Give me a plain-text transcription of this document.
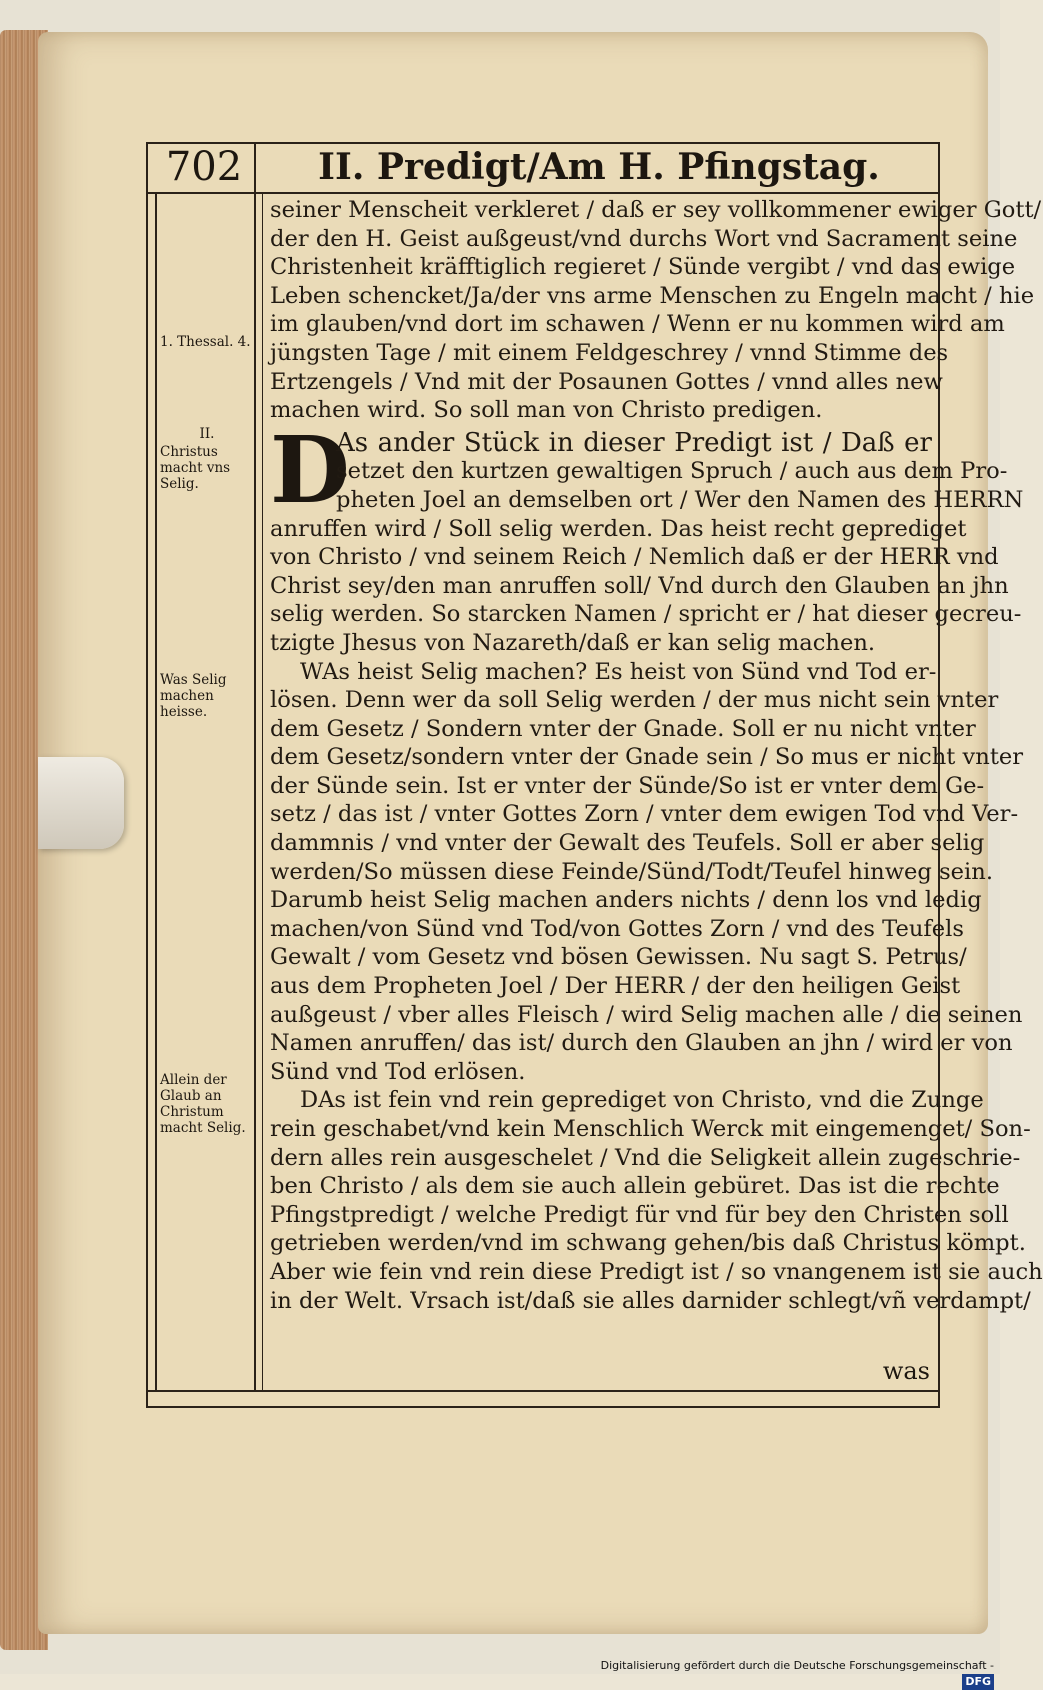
702	II. Predigt/Am H. Pfingstag.
1. Thessal. 4.
II.
Christus macht vns Selig.
Was Selig machen heisse.
Allein der Glaub an Christum macht Selig.

seiner Menscheit verkleret / daß er sey vollkommener ewiger Gott/
der den H. Geist außgeust/vnd durchs Wort vnd Sacrament seine
Christenheit kräfftiglich regieret / Sünde vergibt / vnd das ewige
Leben schencket/Ja/der vns arme Menschen zu Engeln macht / hie
im glauben/vnd dort im schawen / Wenn er nu kommen wird am
jüngsten Tage / mit einem Feldgeschrey / vnnd Stimme des
Ertzengels / Vnd mit der Posaunen Gottes / vnnd alles new
machen wird. So soll man von Christo predigen.

D
As ander Stück in dieser Predigt ist / Daß er
setzet den kurtzen gewaltigen Spruch / auch aus dem Pro-
pheten Joel an demselben ort / Wer den Namen des HERRN
anruffen wird / Soll selig werden. Das heist recht geprediget
von Christo / vnd seinem Reich / Nemlich daß er der HERR vnd
Christ sey/den man anruffen soll/ Vnd durch den Glauben an jhn
selig werden. So starcken Namen / spricht er / hat dieser gecreu-
tzigte Jhesus von Nazareth/daß er kan selig machen.

WAs heist Selig machen? Es heist von Sünd vnd Tod er-

lösen. Denn wer da soll Selig werden / der mus nicht sein vnter
dem Gesetz / Sondern vnter der Gnade. Soll er nu nicht vnter
dem Gesetz/sondern vnter der Gnade sein / So mus er nicht vnter
der Sünde sein. Ist er vnter der Sünde/So ist er vnter dem Ge-
setz / das ist / vnter Gottes Zorn / vnter dem ewigen Tod vnd Ver-
dammnis / vnd vnter der Gewalt des Teufels. Soll er aber selig
werden/So müssen diese Feinde/Sünd/Todt/Teufel hinweg sein.
Darumb heist Selig machen anders nichts / denn los vnd ledig
machen/von Sünd vnd Tod/von Gottes Zorn / vnd des Teufels
Gewalt / vom Gesetz vnd bösen Gewissen. Nu sagt S. Petrus/
aus dem Propheten Joel / Der HERR / der den heiligen Geist
außgeust / vber alles Fleisch / wird Selig machen alle / die seinen
Namen anruffen/ das ist/ durch den Glauben an jhn / wird er von
Sünd vnd Tod erlösen.

DAs ist fein vnd rein geprediget von Christo, vnd die Zunge

rein geschabet/vnd kein Menschlich Werck mit eingemenget/ Son-
dern alles rein ausgeschelet / Vnd die Seligkeit allein zugeschrie-
ben Christo / als dem sie auch allein gebüret. Das ist die rechte
Pfingstpredigt / welche Predigt für vnd für bey den Christen soll
getrieben werden/vnd im schwang gehen/bis daß Christus kömpt.
Aber wie fein vnd rein diese Predigt ist / so vnangenem ist sie auch
in der Welt. Vrsach ist/daß sie alles darnider schlegt/vñ verdampt/

was
Digitalisierung gefördert durch die Deutsche Forschungsgemeinschaft - DFG
